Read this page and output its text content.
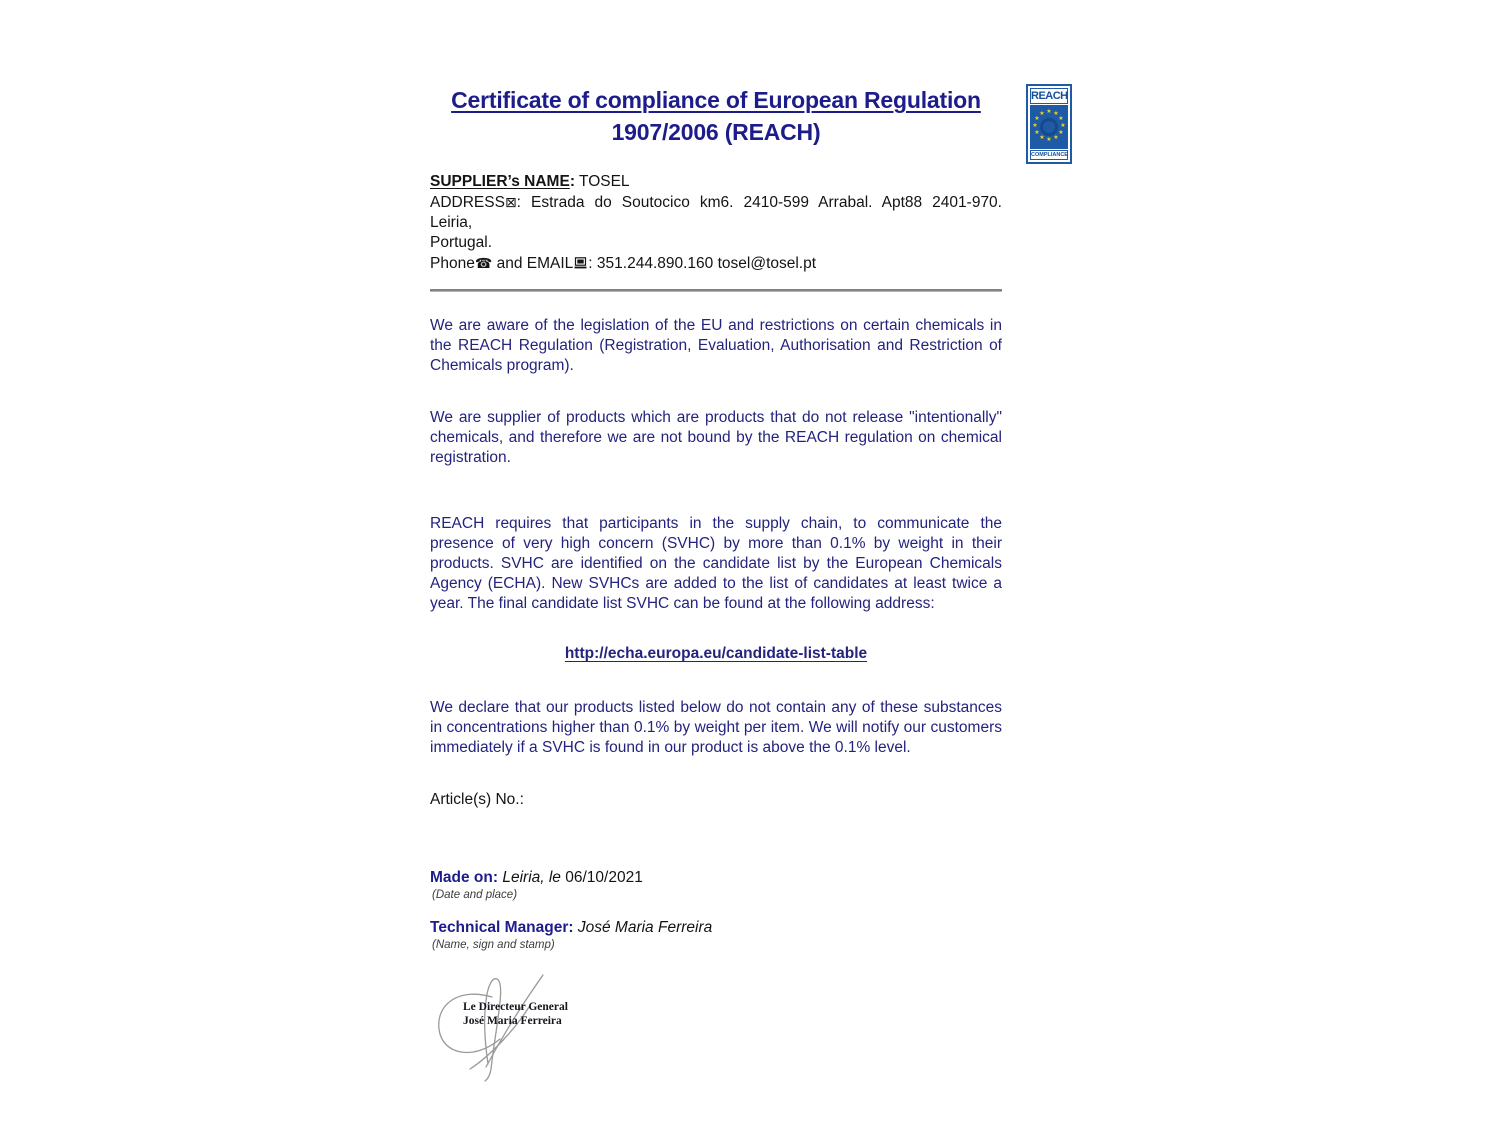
Certificate of compliance of European Regulation
1907/2006 (REACH)
SUPPLIER’s NAME: TOSEL
ADDRESS⊠: Estrada do Soutocico km6. 2410-599 Arrabal. Apt88 2401-970. Leiria,
Portugal.
Phone☎ and EMAIL : 351.244.890.160 tosel@tosel.pt
We are aware of the legislation of the EU and restrictions on certain chemicals in the REACH Regulation (Registration, Evaluation, Authorisation and Restriction of Chemicals program).
We are supplier of products which are products that do not release "intentionally" chemicals, and therefore we are not bound by the REACH regulation on chemical registration.
REACH requires that participants in the supply chain, to communicate the presence of very high concern (SVHC) by more than 0.1% by weight in their products. SVHC are identified on the candidate list by the European Chemicals Agency (ECHA). New SVHCs are added to the list of candidates at least twice a year. The final candidate list SVHC can be found at the following address:
http://echa.europa.eu/candidate-list-table
We declare that our products listed below do not contain any of these substances in concentrations higher than 0.1% by weight per item. We will notify our customers immediately if a SVHC is found in our product is above the 0.1% level.
Article(s) No.:
Made on: Leiria, le 06/10/2021
(Date and place)
Technical Manager: José Maria Ferreira
(Name, sign and stamp)
Le Directeur General
José Maria Ferreira
REACH
★ ★
★
★
★
★
★
★
★
★
★
★
COMPLIANCE
